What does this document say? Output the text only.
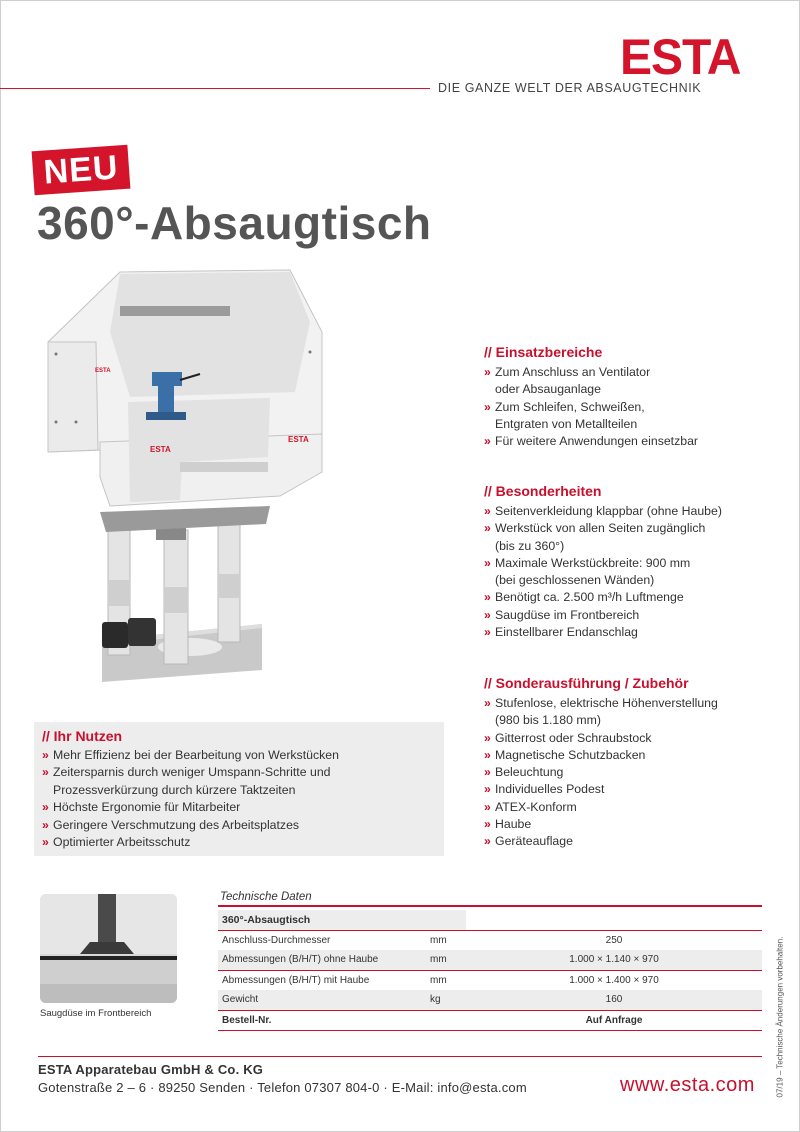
ESTA
DIE GANZE WELT DER ABSAUGTECHNIK
NEU
360°-Absaugtisch
ESTA
ESTA
ESTA
// Einsatzbereiche
» Zum Anschluss an Ventilator
oder Absauganlage
» Zum Schleifen, Schweißen,
Entgraten von Metallteilen
» Für weitere Anwendungen einsetzbar
// Besonderheiten
» Seitenverkleidung klappbar (ohne Haube)
» Werkstück von allen Seiten zugänglich
(bis zu 360°)
» Maximale Werkstückbreite: 900 mm
(bei geschlossenen Wänden)
» Benötigt ca. 2.500 m³/h Luftmenge
» Saugdüse im Frontbereich
» Einstellbarer Endanschlag
// Sonderausführung / Zubehör
» Stufenlose, elektrische Höhenverstellung
(980 bis 1.180 mm)
» Gitterrost oder Schraubstock
» Magnetische Schutzbacken
» Beleuchtung
» Individuelles Podest
» ATEX-Konform
» Haube
» Geräteauflage
// Ihr Nutzen
» Mehr Effizienz bei der Bearbeitung von Werkstücken
» Zeitersparnis durch weniger Umspann-Schritte und
Prozessverkürzung durch kürzere Taktzeiten
» Höchste Ergonomie für Mitarbeiter
» Geringere Verschmutzung des Arbeitsplatzes
» Optimierter Arbeitsschutz
Saugdüse im Frontbereich
Technische Daten
360°-Absaugtisch		
Anschluss-Durchmesser	mm	250
Abmessungen (B/H/T) ohne Haube	mm	1.000 × 1.140 × 970
Abmessungen (B/H/T) mit Haube	mm	1.000 × 1.400 × 970
Gewicht	kg	160
Bestell-Nr.		Auf Anfrage	07/19 – Technische Änderungen vorbehalten.
ESTA Apparatebau GmbH & Co. KG
Gotenstraße 2 – 6 · 89250 Senden · Telefon 07307 804-0 · E-Mail: info@esta.com	www.esta.com
